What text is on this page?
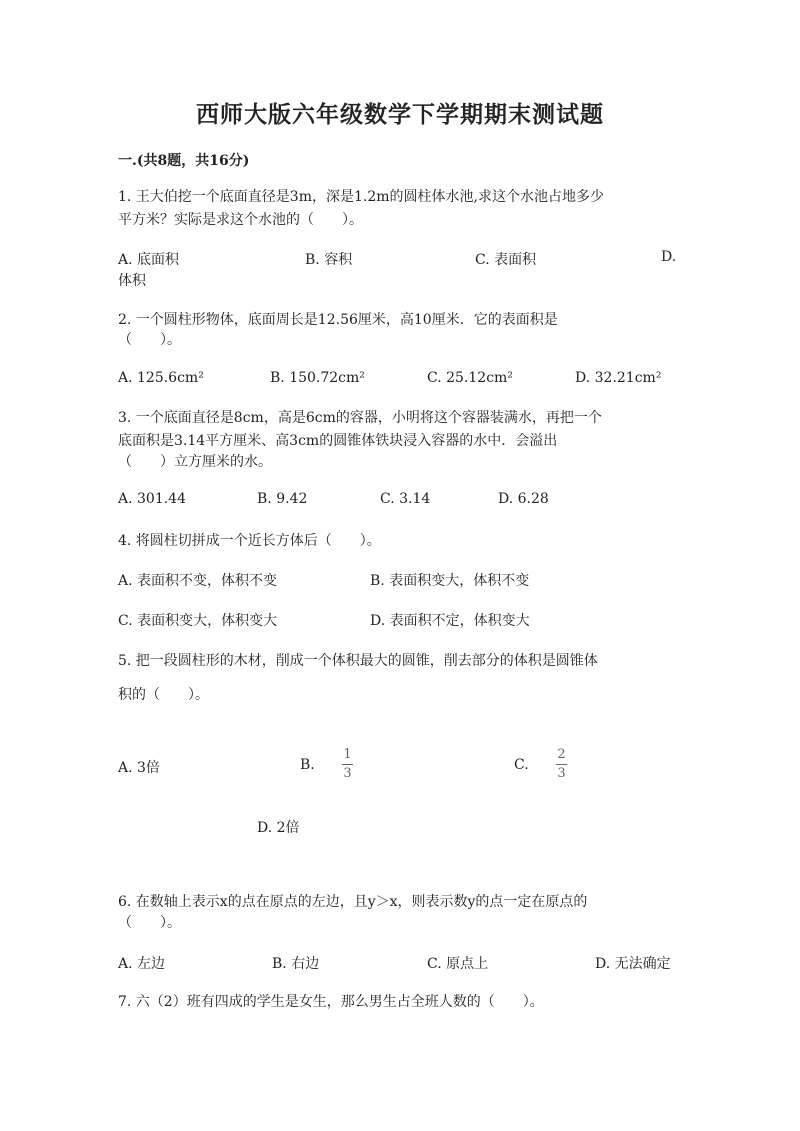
西师大版六年级数学下学期期末测试题
一.(共8题，共16分)
1. 王大伯挖一个底面直径是3m，深是1.2m的圆柱体水池,求这个水池占地多少
平方米？实际是求这个水池的（　　）。
A. 底面积	B. 容积	C. 表面积	D.
体积
2. 一个圆柱形物体，底面周长是12.56厘米，高10厘米．它的表面积是
（　　）。
A. 125.6cm²	B. 150.72cm²	C. 25.12cm²	D. 32.21cm²
3. 一个底面直径是8cm，高是6cm的容器，小明将这个容器装满水，再把一个
底面积是3.14平方厘米、高3cm的圆锥体铁块浸入容器的水中．会溢出
（　　）立方厘米的水。
A. 301.44	B. 9.42	C. 3.14	D. 6.28
4. 将圆柱切拼成一个近长方体后（　　）。
A. 表面积不变，体积不变	B. 表面积变大，体积不变
C. 表面积变大，体积变大	D. 表面积不定，体积变大
5. 把一段圆柱形的木材，削成一个体积最大的圆锥，削去部分的体积是圆锥体
积的（　　）。
A. 3倍	B.
1
3
C.
2
3
D. 2倍
6. 在数轴上表示x的点在原点的左边，且y＞x，则表示数y的点一定在原点的
（　　）。
A. 左边	B. 右边	C. 原点上	D. 无法确定
7. 六（2）班有四成的学生是女生，那么男生占全班人数的（　　）。
